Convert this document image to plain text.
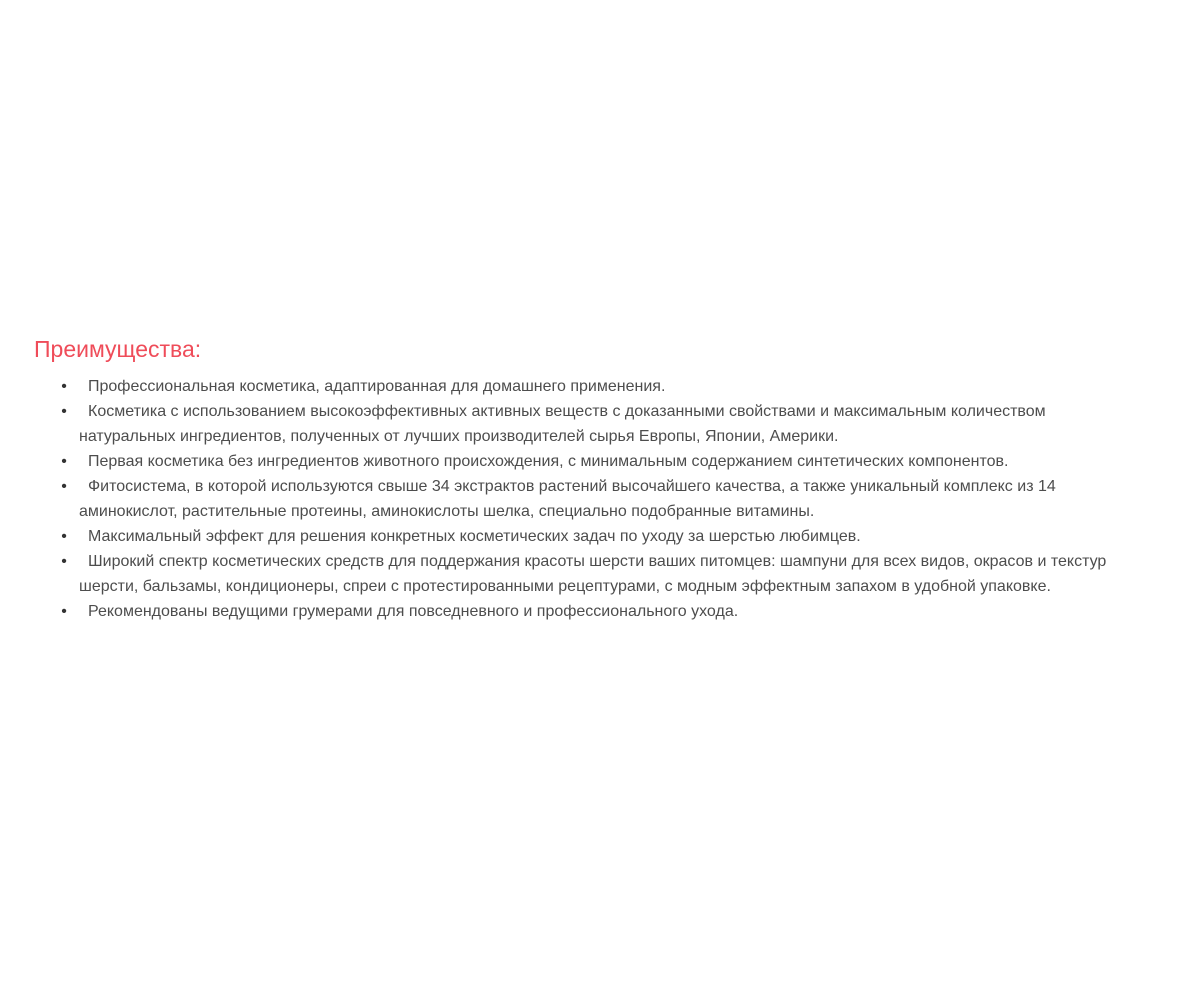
Преимущества:
• Профессиональная косметика, адаптированная для домашнего применения.
• Косметика с использованием высокоэффективных активных веществ с доказанными свойствами и максимальным количеством натуральных ингредиентов, полученных от лучших производителей сырья Европы, Японии, Америки.
• Первая косметика без ингредиентов животного происхождения, с минимальным содержанием синтетических компонентов.
• Фитосистема, в которой используются свыше 34 экстрактов растений высочайшего качества, а также уникальный комплекс из 14 аминокислот, растительные протеины, аминокислоты шелка, специально подобранные витамины.
• Максимальный эффект для решения конкретных косметических задач по уходу за шерстью любимцев.
• Широкий спектр косметических средств для поддержания красоты шерсти ваших питомцев: шампуни для всех видов, окрасов и текстур шерсти, бальзамы, кондиционеры, спреи с протестированными рецептурами, с модным эффектным запахом в удобной упаковке.
• Рекомендованы ведущими грумерами для повседневного и профессионального ухода.
